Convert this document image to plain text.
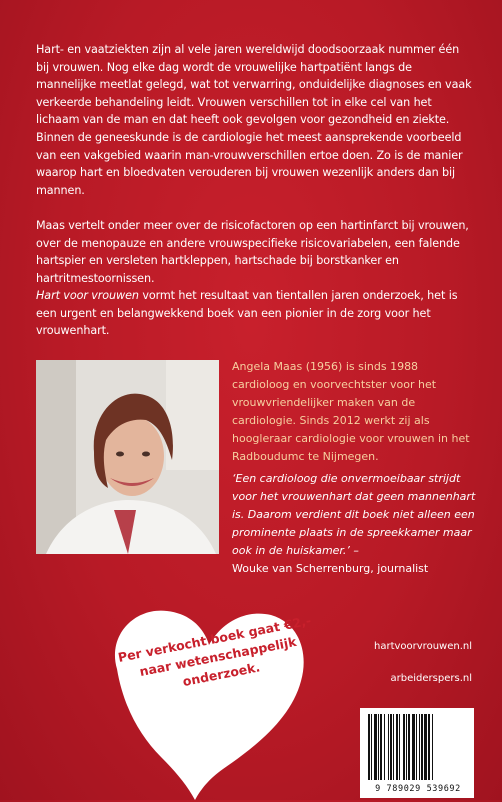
Hart- en vaatziekten zijn al vele jaren wereldwijd doodsoorzaak nummer één bij vrouwen. Nog elke dag wordt de vrouwelijke hartpatiënt langs de mannelijke meetlat gelegd, wat tot verwarring, onduidelijke diagnoses en vaak verkeerde behandeling leidt. Vrouwen verschillen tot in elke cel van het lichaam van de man en dat heeft ook gevolgen voor gezondheid en ziekte. Binnen de geneeskunde is de cardiologie het meest aansprekende voorbeeld van een vakgebied waarin man-vrouwverschillen ertoe doen. Zo is de manier waarop hart en bloedvaten verouderen bij vrouwen wezenlijk anders dan bij mannen.

Maas vertelt onder meer over de risicofactoren op een hartinfarct bij vrouwen, over de menopauze en andere vrouwspecifieke risicovariabelen, een falende hartspier en versleten hartkleppen, hartschade bij borstkanker en hartritmestoornissen.

Hart voor vrouwen vormt het resultaat van tientallen jaren onderzoek, het is een urgent en belangwekkend boek van een pionier in de zorg voor het vrouwenhart.

Angela Maas (1956) is sinds 1988 cardioloog en voorvechtster voor het vrouwvriendelijker maken van de cardiologie. Sinds 2012 werkt zij als hoogleraar cardiologie voor vrouwen in het Radboudumc te Nijmegen.

‘Een cardioloog die onvermoeibaar strijdt voor het vrouwenhart dat geen mannenhart is. Daarom verdient dit boek niet alleen een prominente plaats in de spreekkamer maar ook in de huiskamer.’ –
Wouke van Scherrenburg, journalist

Per verkocht boek gaat €2,- naar wetenschappelijk onderzoek.
hartvoorvrouwen.nl
arbeiderspers.nl
9 789029 539692
